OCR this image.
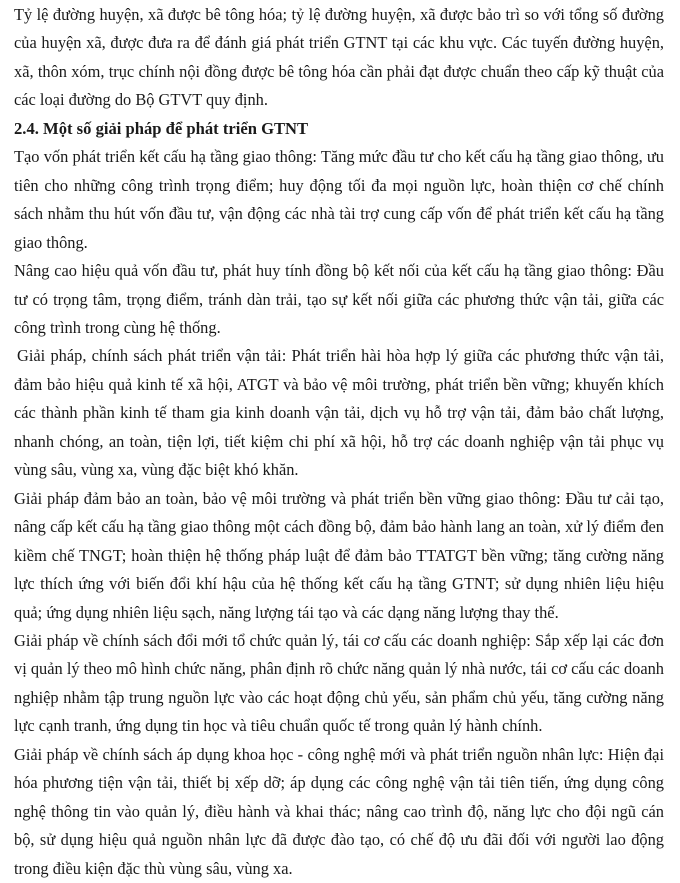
Tỷ lệ đường huyện, xã được bê tông hóa; tỷ lệ đường huyện, xã được bảo trì so với tổng số đường của huyện xã, được đưa ra để đánh giá phát triển GTNT tại các khu vực. Các tuyến đường huyện, xã, thôn xóm, trục chính nội đồng được bê tông hóa cần phải đạt được chuẩn theo cấp kỹ thuật của các loại đường do Bộ GTVT quy định.

2.4. Một số giải pháp để phát triển GTNT

Tạo vốn phát triển kết cấu hạ tầng giao thông: Tăng mức đầu tư cho kết cấu hạ tầng giao thông, ưu tiên cho những công trình trọng điểm; huy động tối đa mọi nguồn lực, hoàn thiện cơ chế chính sách nhằm thu hút vốn đầu tư, vận động các nhà tài trợ cung cấp vốn để phát triển kết cấu hạ tầng giao thông.

Nâng cao hiệu quả vốn đầu tư, phát huy tính đồng bộ kết nối của kết cấu hạ tầng giao thông: Đầu tư có trọng tâm, trọng điểm, tránh dàn trải, tạo sự kết nối giữa các phương thức vận tải, giữa các công trình trong cùng hệ thống.

Giải pháp, chính sách phát triển vận tải: Phát triển hài hòa hợp lý giữa các phương thức vận tải, đảm bảo hiệu quả kinh tế xã hội, ATGT và bảo vệ môi trường, phát triển bền vững; khuyến khích các thành phần kinh tế tham gia kinh doanh vận tải, dịch vụ hỗ trợ vận tải, đảm bảo chất lượng, nhanh chóng, an toàn, tiện lợi, tiết kiệm chi phí xã hội, hỗ trợ các doanh nghiệp vận tải phục vụ vùng sâu, vùng xa, vùng đặc biệt khó khăn.

Giải pháp đảm bảo an toàn, bảo vệ môi trường và phát triển bền vững giao thông: Đầu tư cải tạo, nâng cấp kết cấu hạ tầng giao thông một cách đồng bộ, đảm bảo hành lang an toàn, xử lý điểm đen kiềm chế TNGT; hoàn thiện hệ thống pháp luật để đảm bảo TTATGT bền vững; tăng cường năng lực thích ứng với biến đổi khí hậu của hệ thống kết cấu hạ tầng GTNT; sử dụng nhiên liệu hiệu quả; ứng dụng nhiên liệu sạch, năng lượng tái tạo và các dạng năng lượng thay thế.

Giải pháp về chính sách đổi mới tổ chức quản lý, tái cơ cấu các doanh nghiệp: Sắp xếp lại các đơn vị quản lý theo mô hình chức năng, phân định rõ chức năng quản lý nhà nước, tái cơ cấu các doanh nghiệp nhằm tập trung nguồn lực vào các hoạt động chủ yếu, sản phẩm chủ yếu, tăng cường năng lực cạnh tranh, ứng dụng tin học và tiêu chuẩn quốc tế trong quản lý hành chính.

Giải pháp về chính sách áp dụng khoa học - công nghệ mới và phát triển nguồn nhân lực: Hiện đại hóa phương tiện vận tải, thiết bị xếp dỡ; áp dụng các công nghệ vận tải tiên tiến, ứng dụng công nghệ thông tin vào quản lý, điều hành và khai thác; nâng cao trình độ, năng lực cho đội ngũ cán bộ, sử dụng hiệu quả nguồn nhân lực đã được đào tạo, có chế độ ưu đãi đối với người lao động trong điều kiện đặc thù vùng sâu, vùng xa.
